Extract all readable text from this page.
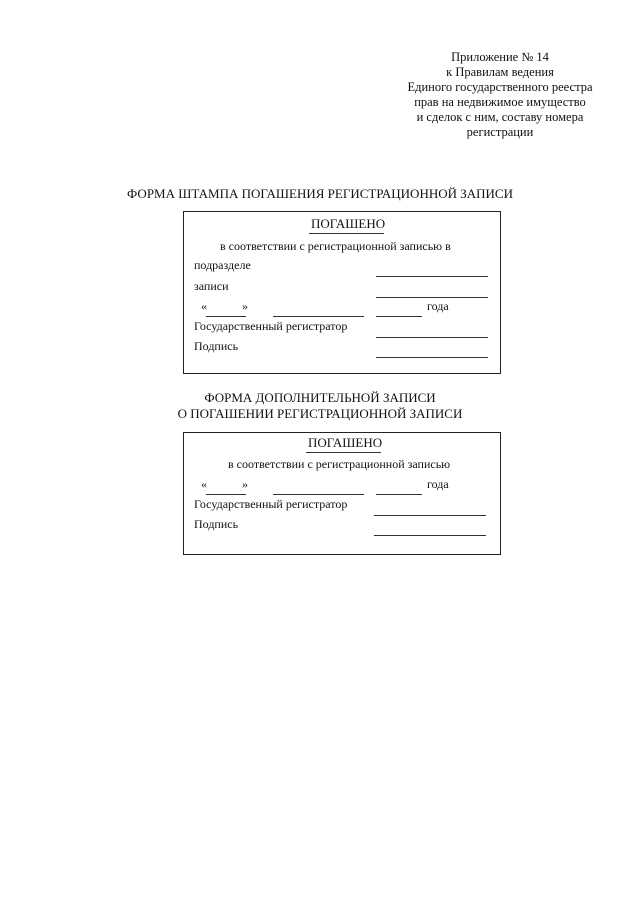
Приложение № 14
к Правилам ведения
Единого государственного реестра
прав на недвижимое имущество
и сделок с ним, составу номера
регистрации
ФОРМА ШТАМПА ПОГАШЕНИЯ РЕГИСТРАЦИОННОЙ ЗАПИСИ
ПОГАШЕНО
в соответствии с регистрационной записью в
подразделе
записи
«	»	года
Государственный регистратор
Подпись
ФОРМА ДОПОЛНИТЕЛЬНОЙ ЗАПИСИ
О ПОГАШЕНИИ РЕГИСТРАЦИОННОЙ ЗАПИСИ
ПОГАШЕНО
в соответствии с регистрационной записью
«	»	года
Государственный регистратор
Подпись
